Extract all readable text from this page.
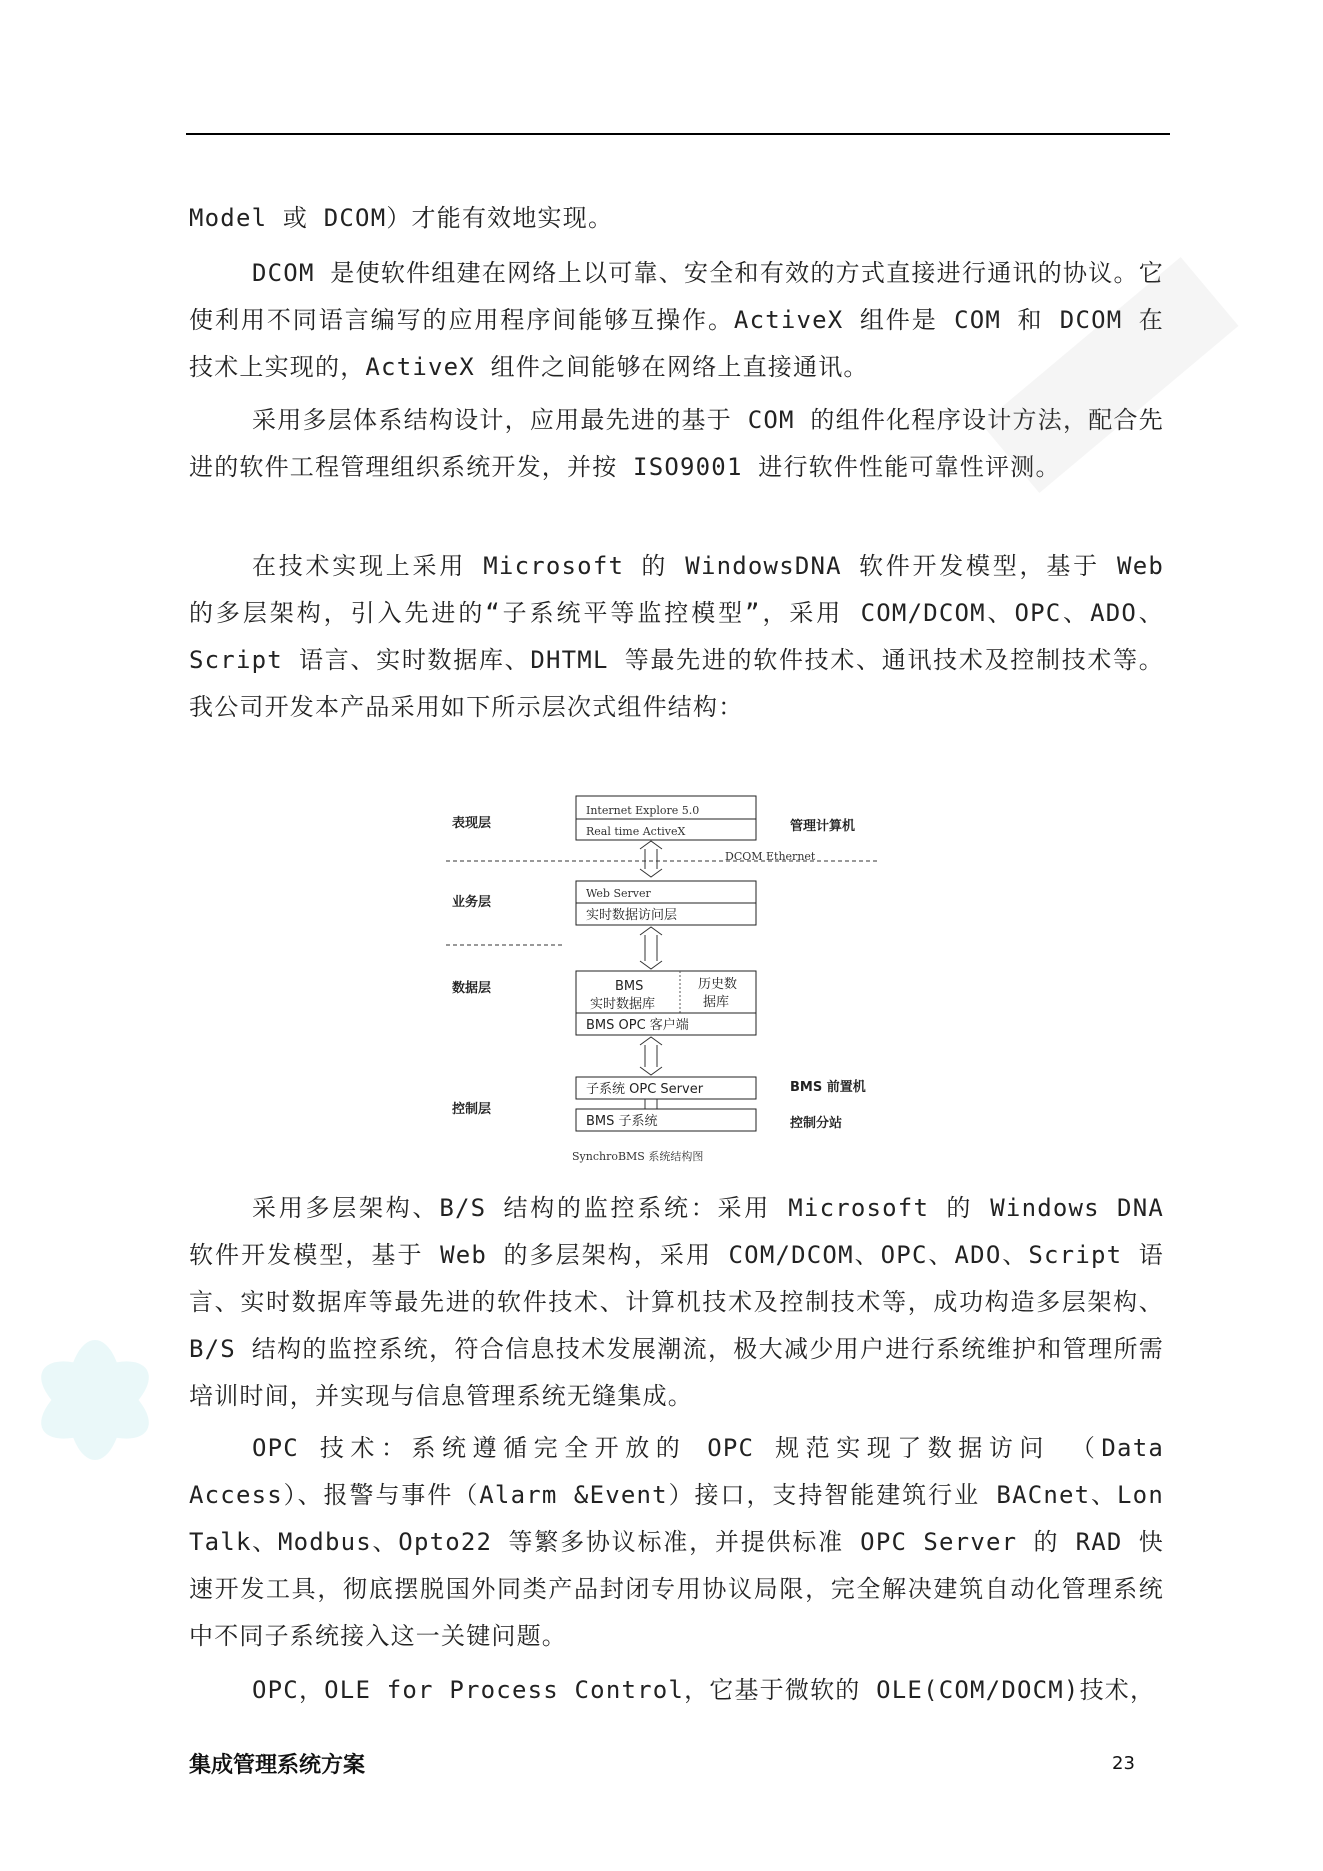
Model 或 DCOM）才能有效地实现。

DCOM 是使软件组建在网络上以可靠、安全和有效的方式直接进行通讯的协议。它使利用不同语言编写的应用程序间能够互操作。ActiveX 组件是 COM 和 DCOM 在技术上实现的，ActiveX 组件之间能够在网络上直接通讯。

采用多层体系结构设计，应用最先进的基于 COM 的组件化程序设计方法，配合先进的软件工程管理组织系统开发，并按 ISO9001 进行软件性能可靠性评测。

在技术实现上采用 Microsoft 的 WindowsDNA 软件开发模型，基于 Web 的多层架构，引入先进的“子系统平等监控模型”，采用 COM/DCOM、OPC、ADO、Script 语言、实时数据库、DHTML 等最先进的软件技术、通讯技术及控制技术等。我公司开发本产品采用如下所示层次式组件结构：

表现层
业务层
数据层
控制层
DCOM Ethernet
Internet Explore 5.0
Real time ActiveX	管理计算机
Web Server
实时数据访问层
BMS
实时数据库
历史数
据库
BMS OPC 客户端
子系统 OPC Server	BMS 前置机
BMS 子系统	控制分站
SynchroBMS 系统结构图

采用多层架构、B/S 结构的监控系统：采用 Microsoft 的 Windows DNA 软件开发模型，基于 Web 的多层架构，采用 COM/DCOM、OPC、ADO、Script 语言、实时数据库等最先进的软件技术、计算机技术及控制技术等，成功构造多层架构、B/S 结构的监控系统，符合信息技术发展潮流，极大减少用户进行系统维护和管理所需培训时间，并实现与信息管理系统无缝集成。

OPC 技术：系统遵循完全开放的 OPC 规范实现了数据访问 （Data Access）、报警与事件（Alarm &Event）接口，支持智能建筑行业 BACnet、Lon Talk、Modbus、Opto22 等繁多协议标准，并提供标准 OPC Server 的 RAD 快速开发工具，彻底摆脱国外同类产品封闭专用协议局限，完全解决建筑自动化管理系统中不同子系统接入这一关键问题。

OPC，OLE for Process Control，它基于微软的 OLE(COM/DOCM)技术，

集成管理系统方案	23
